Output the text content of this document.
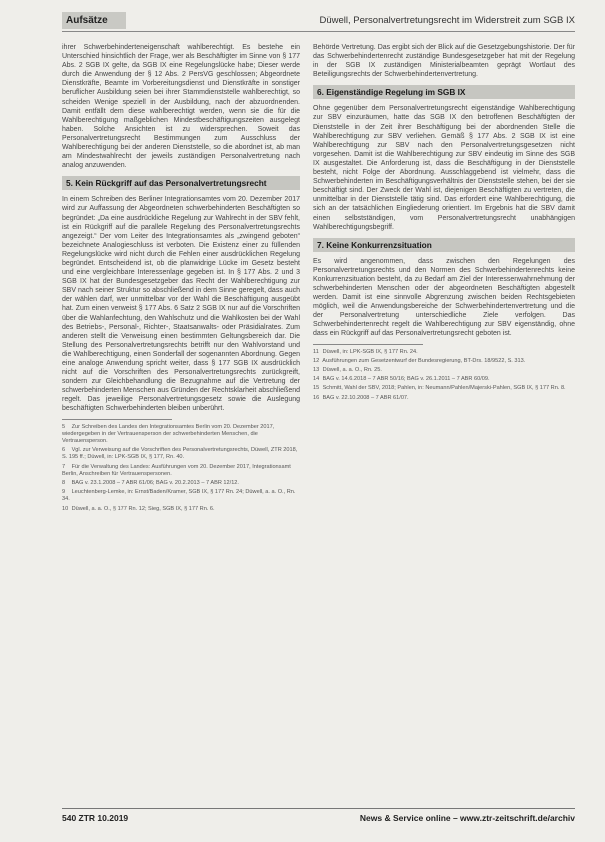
Aufsätze	Düwell, Personalvertretungsrecht im Widerstreit zum SGB IX

ihrer Schwerbehinderteneigenschaft wahlberechtigt. Es bestehe ein Unterschied hinsichtlich der Frage, wer als Beschäftigter im Sinne von § 177 Abs. 2 SGB IX gelte, da SGB IX eine Regelungslücke habe; Dieser werde durch die Anwendung der § 12 Abs. 2 PersVG geschlossen; Abgeordnete Dienstkräfte, Beamte im Vorbereitungsdienst und Dienstkräfte in sonstiger beruflicher Ausbildung seien bei ihrer Stammdienststelle wahlberechtigt, so scheiden Wenige speziell in der Ausbildung, nach der abzuordnenden. Damit entfällt dem diese wahlberechtigt werden, wenn sie die für die Wahlberechtigung maßgeblichen Mindestbeschäftigungszeiten ausgelegt haben. Solche Ansichten ist zu widersprechen. Soweit das Personalvertretungsrecht Bestimmungen zum Ausschluss der Wahlberechtigung bei der anderen Dienststelle, so die abordnet ist, ab man am Mindestwahlrecht der jeweils zuständigen Personalvertretung nach analog anzuwenden.

5. Kein Rückgriff auf das Personalvertretungsrecht

In einem Schreiben des Berliner Integrationsamtes vom 20. Dezember 2017 wird zur Auffassung der Abgeordneten schwerbehinderten Beschäftigten so begründet: „Da eine ausdrückliche Regelung zur Wahlrecht in der SBV fehlt, ist ein Rückgriff auf die parallele Regelung des Personalvertretungsrechts angezeigt.“ Der vom Leiter des Integrationsamtes als „zwingend geboten“ bezeichnete Analogieschluss ist verboten. Die Existenz einer zu füllenden Regelungslücke wird nicht durch die Fehlen einer ausdrücklichen Regelung begründet. Entscheidend ist, ob die planwidrige Lücke im Gesetz besteht und eine vergleichbare Interessenlage gegeben ist. In § 177 Abs. 2 und 3 SGB IX hat der Bundesgesetzgeber das Recht der Wahlberechtigung zur SBV nach seiner Struktur so abschließend in dem Sinne geregelt, dass auch der wählen darf, wer unmittelbar vor der Wahl die Beschäftigung ausgeübt hat. Zum einen verweist § 177 Abs. 6 Satz 2 SGB IX nur auf die Vorschriften über die Wahlanfechtung, den Wahlschutz und die Wahlkosten bei der Wahl des Betriebs-, Personal-, Richter-, Staatsanwalts- oder Präsidialrates. Zum anderen stellt die Verweisung einen bestimmten Geltungsbereich dar. Die Stellung des Personalvertretungsrechts betrifft nur den Wahlvorstand und die Wahlberechtigung, einen Sonderfall der sogenannten Abordnung. Gegen eine analoge Anwendung spricht weiter, dass § 177 SGB IX ausdrücklich nicht auf die Vorschriften des Personalvertretungsrechts zurückgreift, sondern zur Gleichbehandlung die Bezugnahme auf die Vertretung der schwerbehinderten Menschen aus Gründen der Rechtsklarheit abschließend regelt. Das jeweilige Personalvertretungsgesetz sowie die Auslegung beschäftigten Schwerbehinderten bleiben unberührt.

5 Zur Schreiben des Landes den Integrationsamtes Berlin vom 20. Dezember 2017, wiedergegeben in der Vertrauensperson der schwerbehinderten Menschen, die Vertrauensperson.
6 Vgl. zur Verweisung auf die Vorschriften des Personalvertretungsrechts, Düwell, ZTR 2018, S. 195 ff.; Düwell, in: LPK-SGB IX, § 177, Rn. 40.
7 Für die Verwaltung des Landes: Ausführungen vom 20. Dezember 2017, Integrationsamt Berlin, Anschreiben für Vertrauenspersonen.
8 BAG v. 23.1.2008 – 7 ABR 61/06; BAG v. 20.2.2013 – 7 ABR 12/12.
9 Leuchtenberg-Lemke, in: Ernst/Baden/Kramer, SGB IX, § 177 Rn. 24; Düwell, a. a. O., Rn. 34.
10 Düwell, a. a. O., § 177 Rn. 12; Sieg, SGB IX, § 177 Rn. 6.

Behörde Vertretung. Das ergibt sich der Blick auf die Gesetzgebungshistorie. Der für das Schwerbehindertenrecht zuständige Bundesgesetzgeber hat mit der Regelung in der SGB IX zuständigen Ministerialbeamten geprägt Wortlaut des Beteiligungsrechts der Schwerbehindertenvertretung.

6. Eigenständige Regelung im SGB IX

Ohne gegenüber dem Personalvertretungsrecht eigenständige Wahlberechtigung zur SBV einzuräumen, hatte das SGB IX den betroffenen Beschäftigten der Dienststelle in der Zeit ihrer Beschäftigung bei der abordnenden Stelle die Wahlberechtigung zur SBV verliehen. Gemäß § 177 Abs. 2 SGB IX ist eine Wahlberechtigung zur SBV nach den Personalvertretungsgesetzen nicht vorgesehen. Damit ist die Wahlberechtigung zur SBV eindeutig im Sinne des SGB IX ausgestaltet. Die Anforderung ist, dass die Beschäftigung in der Dienststelle besteht, nicht Folge der Abordnung. Ausschlaggebend ist vielmehr, dass die Schwerbehinderten im Beschäftigungsverhältnis der Dienststelle stehen, bei der sie beschäftigt sind. Der Zweck der Wahl ist, diejenigen Beschäftigten zu vertreten, die unmittelbar in der Dienststelle tätig sind. Das erfordert eine Wahlberechtigung, die sich an der tatsächlichen Eingliederung orientiert. Im Ergebnis hat die SBV damit einen selbstständigen, vom Personalvertretungsrecht unabhängigen Wahlberechtigungsbegriff.

7. Keine Konkurrenzsituation

Es wird angenommen, dass zwischen den Regelungen des Personalvertretungsrechts und den Normen des Schwerbehindertenrechts keine Konkurrenzsituation besteht, da zu Bedarf am Ziel der Interessenwahrnehmung der schwerbehinderten Menschen oder der abgeordneten Beschäftigten abgestellt werden. Damit ist eine sinnvolle Abgrenzung zwischen beiden Rechtsgebieten möglich, weil die Anwendungsbereiche der Schwerbehindertenvertretung und die der Personalvertretung unterschiedliche Ziele verfolgen. Das Schwerbehindertenrecht regelt die Wahlberechtigung zur SBV eigenständig, ohne dass ein Rückgriff auf das Personalvertretungsrecht geboten ist.

11 Düwell, in: LPK-SGB IX, § 177 Rn. 24.
12 Ausführungen zum Gesetzentwurf der Bundesregierung, BT-Drs. 18/9522, S. 313.
13 Düwell, a. a. O., Rn. 25.
14 BAG v. 14.6.2018 – 7 ABR 50/16; BAG v. 26.1.2011 – 7 ABR 60/09.
15 Schmitt, Wahl der SBV, 2018; Pahlen, in: Neumann/Pahlen/Majerski-Pahlen, SGB IX, § 177 Rn. 8.
16 BAG v. 22.10.2008 – 7 ABR 61/07.
540 ZTR 10.2019	News & Service online – www.ztr-zeitschrift.de/archiv
